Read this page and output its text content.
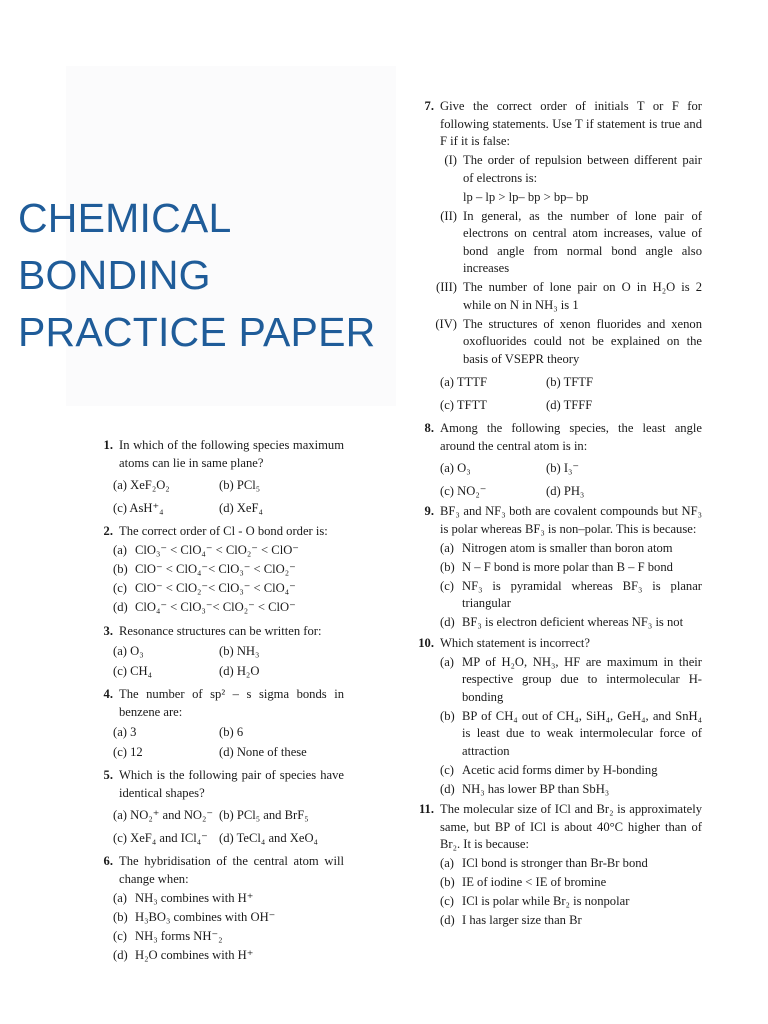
CHEMICAL
BONDING
PRACTICE PAPER
1. In which of the following species maximum atoms can lie in same plane?
(a) XeF₂O₂	(b) PCl₅
(c) AsH⁺₄	(d) XeF₄
2. The correct order of Cl - O bond order is:
(a) ClO₃⁻ < ClO₄⁻ < ClO₂⁻ < ClO⁻
(b) ClO⁻ < ClO₄⁻< ClO₃⁻ < ClO₂⁻
(c) ClO⁻ < ClO₂⁻< ClO₃⁻ < ClO₄⁻
(d) ClO₄⁻ < ClO₃⁻< ClO₂⁻ < ClO⁻
3. Resonance structures can be written for:
(a) O₃	(b) NH₃
(c) CH₄	(d) H₂O
4. The number of sp² – s sigma bonds in benzene are:
(a) 3	(b) 6
(c) 12	(d) None of these
5. Which is the following pair of species have identical shapes?
(a) NO₂⁺ and NO₂⁻ (b) PCl₅ and BrF₅
(c) XeF₄ and ICl₄⁻ (d) TeCl₄ and XeO₄
6. The hybridisation of the central atom will change when:
(a) NH₃ combines with H⁺
(b) H₃BO₃ combines with OH⁻
(c) NH₃ forms NH⁻₂
(d) H₂O combines with H⁺
7. Give the correct order of initials T or F for following statements. Use T if statement is true and F if it is false:
(I) The order of repulsion between different pair of electrons is:
lp – lp > lp– bp > bp– bp
(II) In general, as the number of lone pair of electrons on central atom increases, value of bond angle from normal bond angle also increases
(III) The number of lone pair on O in H₂O is 2 while on N in NH₃ is 1
(IV) The structures of xenon fluorides and xenon oxofluorides could not be explained on the basis of VSEPR theory
(a) TTTF	(b) TFTF
(c) TFTT	(d) TFFF
8. Among the following species, the least angle around the central atom is in:
(a) O₃	(b) I₃⁻
(c) NO₂⁻	(d) PH₃
9. BF₃ and NF₃ both are covalent compounds but NF₃ is polar whereas BF₃ is non–polar. This is because:
(a) Nitrogen atom is smaller than boron atom
(b) N – F bond is more polar than B – F bond
(c) NF₃ is pyramidal whereas BF₃ is planar triangular
(d) BF₃ is electron deficient whereas NF₃ is not
10. Which statement is incorrect?
(a) MP of H₂O, NH₃, HF are maximum in their respective group due to intermolecular H-bonding
(b) BP of CH₄ out of CH₄, SiH₄, GeH₄, and SnH₄ is least due to weak intermolecular force of attraction
(c) Acetic acid forms dimer by H-bonding
(d) NH₃ has lower BP than SbH₃
11. The molecular size of ICl and Br₂ is approximately same, but BP of ICl is about 40°C higher than of Br₂. It is because:
(a) ICl bond is stronger than Br-Br bond
(b) IE of iodine < IE of bromine
(c) ICl is polar while Br₂ is nonpolar
(d) I has larger size than Br
